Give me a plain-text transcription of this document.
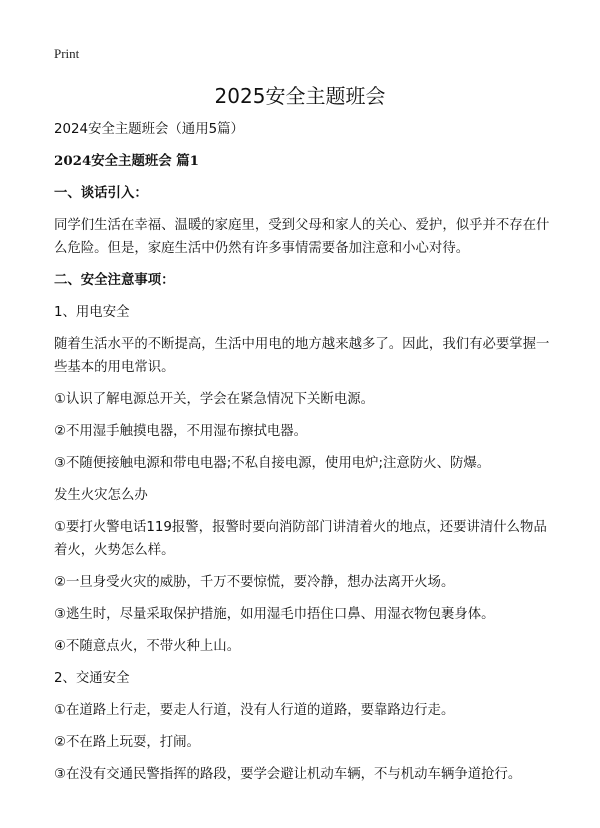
Print
2025安全主题班会

2024安全主题班会（通用5篇）

2024安全主题班会 篇1

一、谈话引入：

同学们生活在幸福、温暖的家庭里，受到父母和家人的关心、爱护，似乎并不存在什么危险。但是，家庭生活中仍然有许多事情需要备加注意和小心对待。

二、安全注意事项：

1、用电安全

随着生活水平的不断提高，生活中用电的地方越来越多了。因此，我们有必要掌握一些基本的用电常识。

①认识了解电源总开关，学会在紧急情况下关断电源。

②不用湿手触摸电器，不用湿布擦拭电器。

③不随便接触电源和带电电器;不私自接电源，使用电炉;注意防火、防爆。

发生火灾怎么办

①要打火警电话119报警，报警时要向消防部门讲清着火的地点，还要讲清什么物品着火，火势怎么样。

②一旦身受火灾的威胁，千万不要惊慌，要冷静，想办法离开火场。

③逃生时，尽量采取保护措施，如用湿毛巾捂住口鼻、用湿衣物包裹身体。

④不随意点火，不带火种上山。

2、交通安全

①在道路上行走，要走人行道，没有人行道的道路，要靠路边行走。

②不在路上玩耍，打闹。

③在没有交通民警指挥的路段，要学会避让机动车辆，不与机动车辆争道抢行。
